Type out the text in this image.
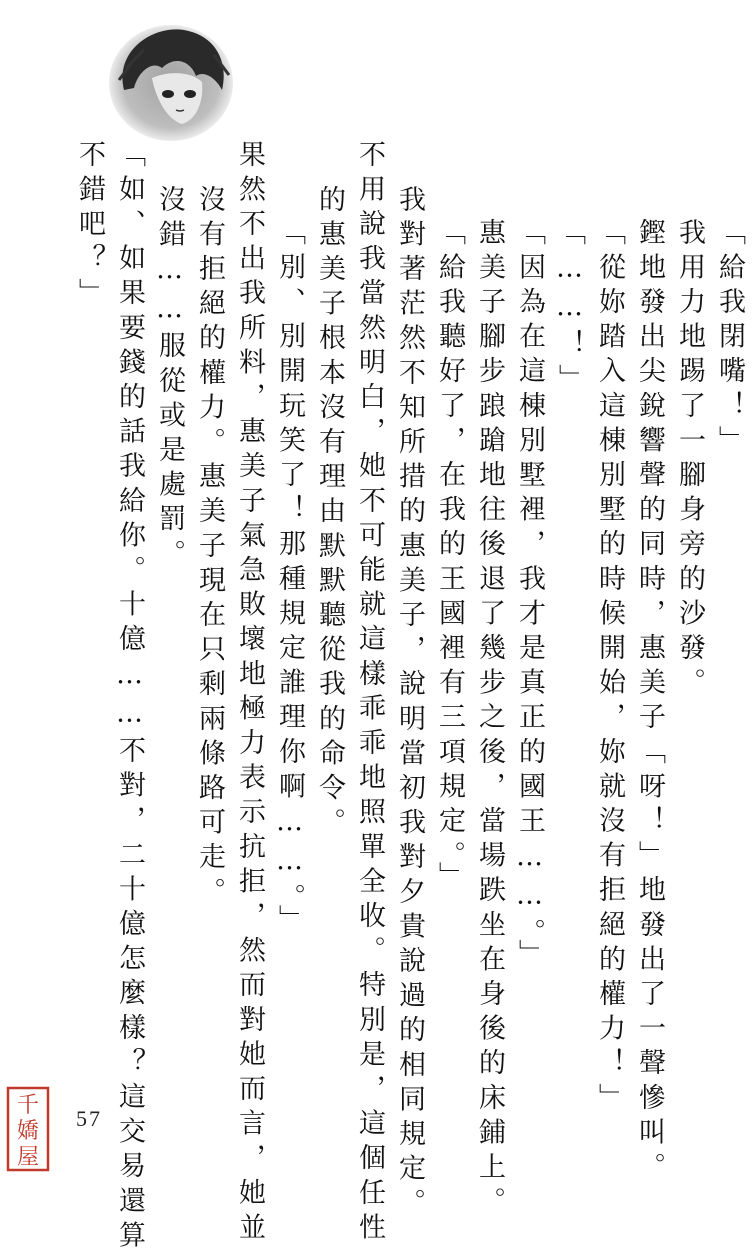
「給我閉嘴！」
我用力地踢了一腳身旁的沙發。
鏗地發出尖銳響聲的同時，惠美子「呀！」地發出了一聲慘叫。
「從妳踏入這棟別墅的時候開始，妳就沒有拒絕的權力！」
「……！」
「因為在這棟別墅裡，我才是真正的國王……。」
惠美子腳步踉蹌地往後退了幾步之後，當場跌坐在身後的床鋪上。
「給我聽好了，在我的王國裡有三項規定。」
我對著茫然不知所措的惠美子，說明當初我對夕貴說過的相同規定。
不用說我當然明白，她不可能就這樣乖乖地照單全收。特別是，這個任性
的惠美子根本沒有理由默默聽從我的命令。
「別、別開玩笑了！那種規定誰理你啊……。」
果然不出我所料，惠美子氣急敗壞地極力表示抗拒，然而對她而言，她並
沒有拒絕的權力。惠美子現在只剩兩條路可走。
沒錯……服從或是處罰。
「如、如果要錢的話我給你。十億……不對，二十億怎麼樣？這交易還算
不錯吧？」
57
千
嬌
屋
